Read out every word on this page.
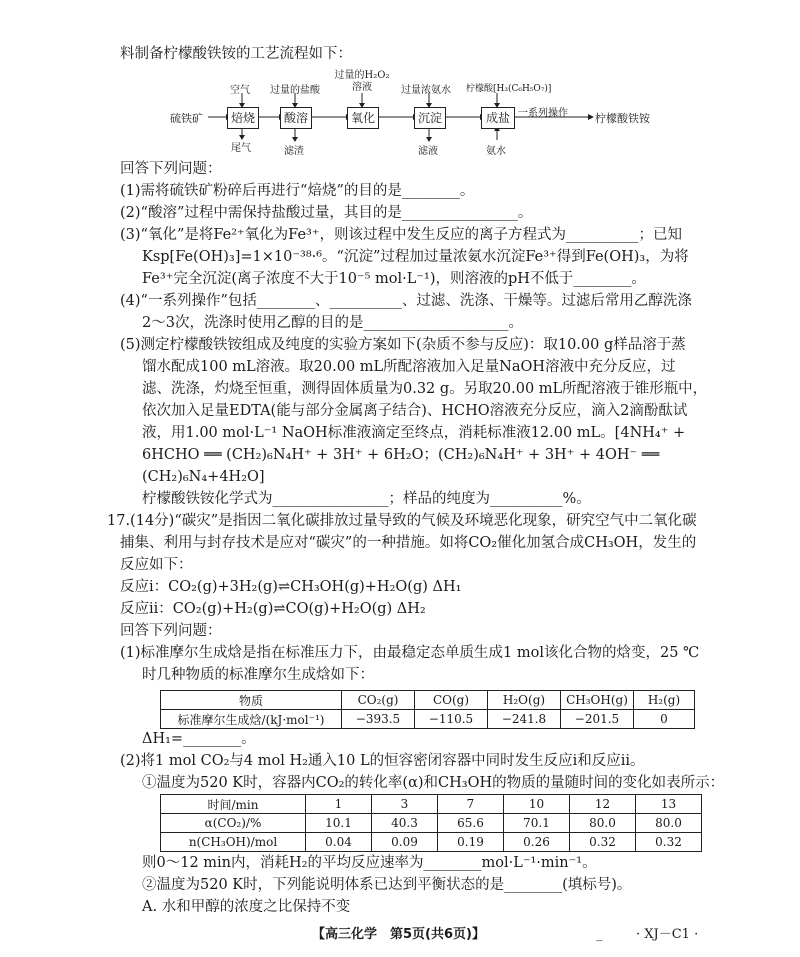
料制备柠檬酸铁铵的工艺流程如下：
硫铁矿	焙烧	酸溶	氧化	沉淀	成盐 一系列操作 柠檬酸铁铵
空气 过量的盐酸
过量的H₂O₂溶液	过量浓氨水 柠檬酸[H₃(C₆H₅O₇)]
尾气	滤渣	滤液	氨水
回答下列问题：
(1)需将硫铁矿粉碎后再进行“焙烧”的目的是________。
(2)“酸溶”过程中需保持盐酸过量，其目的是________________。
(3)“氧化”是将Fe²⁺氧化为Fe³⁺，则该过程中发生反应的离子方程式为__________；已知
Ksp[Fe(OH)₃]=1×10⁻³⁸·⁶。“沉淀”过程加过量浓氨水沉淀Fe³⁺得到Fe(OH)₃，为将
Fe³⁺完全沉淀(离子浓度不大于10⁻⁵ mol·L⁻¹)，则溶液的pH不低于________。
(4)“一系列操作”包括________、__________、过滤、洗涤、干燥等。过滤后常用乙醇洗涤
2～3次，洗涤时使用乙醇的目的是____________________。
(5)测定柠檬酸铁铵组成及纯度的实验方案如下(杂质不参与反应)：取10.00 g样品溶于蒸
馏水配成100 mL溶液。取20.00 mL所配溶液加入足量NaOH溶液中充分反应，过
滤、洗涤，灼烧至恒重，测得固体质量为0.32 g。另取20.00 mL所配溶液于锥形瓶中，
依次加入足量EDTA(能与部分金属离子结合)、HCHO溶液充分反应，滴入2滴酚酞试
液，用1.00 mol·L⁻¹ NaOH标准液滴定至终点，消耗标准液12.00 mL。[4NH₄⁺ +
6HCHO ══ (CH₂)₆N₄H⁺ + 3H⁺ + 6H₂O；(CH₂)₆N₄H⁺ + 3H⁺ + 4OH⁻ ══
(CH₂)₆N₄+4H₂O]
柠檬酸铁铵化学式为________________；样品的纯度为__________%。
17.(14分)“碳灾”是指因二氧化碳排放过量导致的气候及环境恶化现象，研究空气中二氧化碳
捕集、利用与封存技术是应对“碳灾”的一种措施。如将CO₂催化加氢合成CH₃OH，发生的
反应如下：
反应ⅰ：CO₂(g)+3H₂(g)⇌CH₃OH(g)+H₂O(g) ΔH₁
反应ⅱ：CO₂(g)+H₂(g)⇌CO(g)+H₂O(g) ΔH₂
回答下列问题：
(1)标准摩尔生成焓是指在标准压力下，由最稳定态单质生成1 mol该化合物的焓变，25 ℃
时几种物质的标准摩尔生成焓如下：
物质	CO₂(g)	CO(g)	H₂O(g)	CH₃OH(g)	H₂(g)
标准摩尔生成焓/(kJ·mol⁻¹)	−393.5	−110.5	−241.8	−201.5	0
ΔH₁=________。
(2)将1 mol CO₂与4 mol H₂通入10 L的恒容密闭容器中同时发生反应ⅰ和反应ⅱ。
①温度为520 K时，容器内CO₂的转化率(α)和CH₃OH的物质的量随时间的变化如表所示：
时间/min	1	3	7	10	12	13
α(CO₂)/%	10.1	40.3	65.6	70.1	80.0	80.0
n(CH₃OH)/mol	0.04	0.09	0.19	0.26	0.32	0.32
则0～12 min内，消耗H₂的平均反应速率为________mol·L⁻¹·min⁻¹。
②温度为520 K时，下列能说明体系已达到平衡状态的是________(填标号)。
A. 水和甲醇的浓度之比保持不变
【高三化学　第5页(共6页)】	_	· XJ－C1 ·
